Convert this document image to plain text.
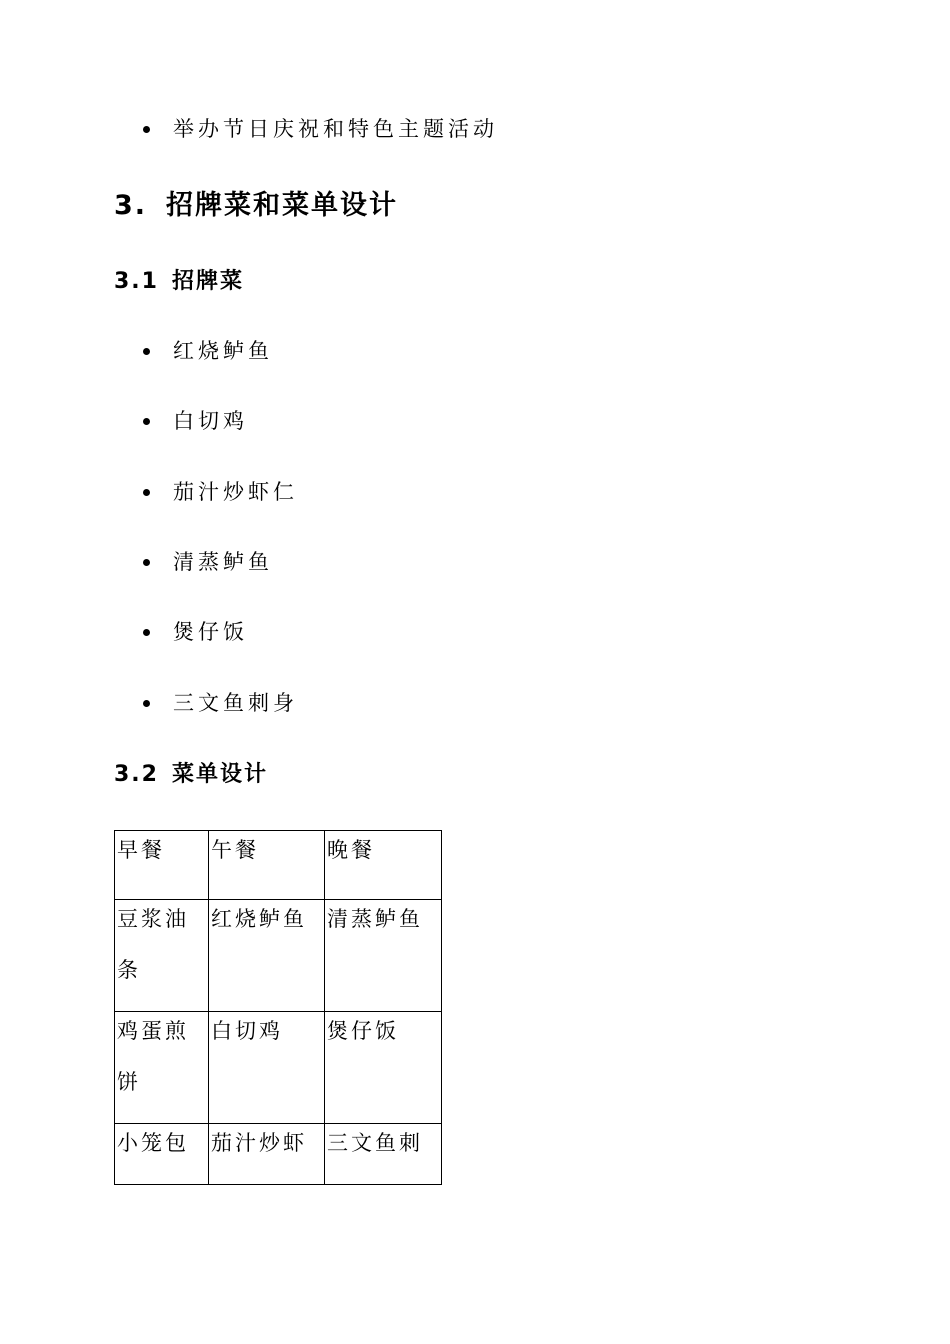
举办节日庆祝和特色主题活动
3. 招牌菜和菜单设计
3.1 招牌菜
红烧鲈鱼
白切鸡
茄汁炒虾仁
清蒸鲈鱼
煲仔饭
三文鱼刺身
3.2 菜单设计
早餐	午餐	晚餐

豆浆油条	红烧鲈鱼	清蒸鲈鱼

鸡蛋煎饼	白切鸡	煲仔饭

小笼包	茄汁炒虾	三文鱼刺
